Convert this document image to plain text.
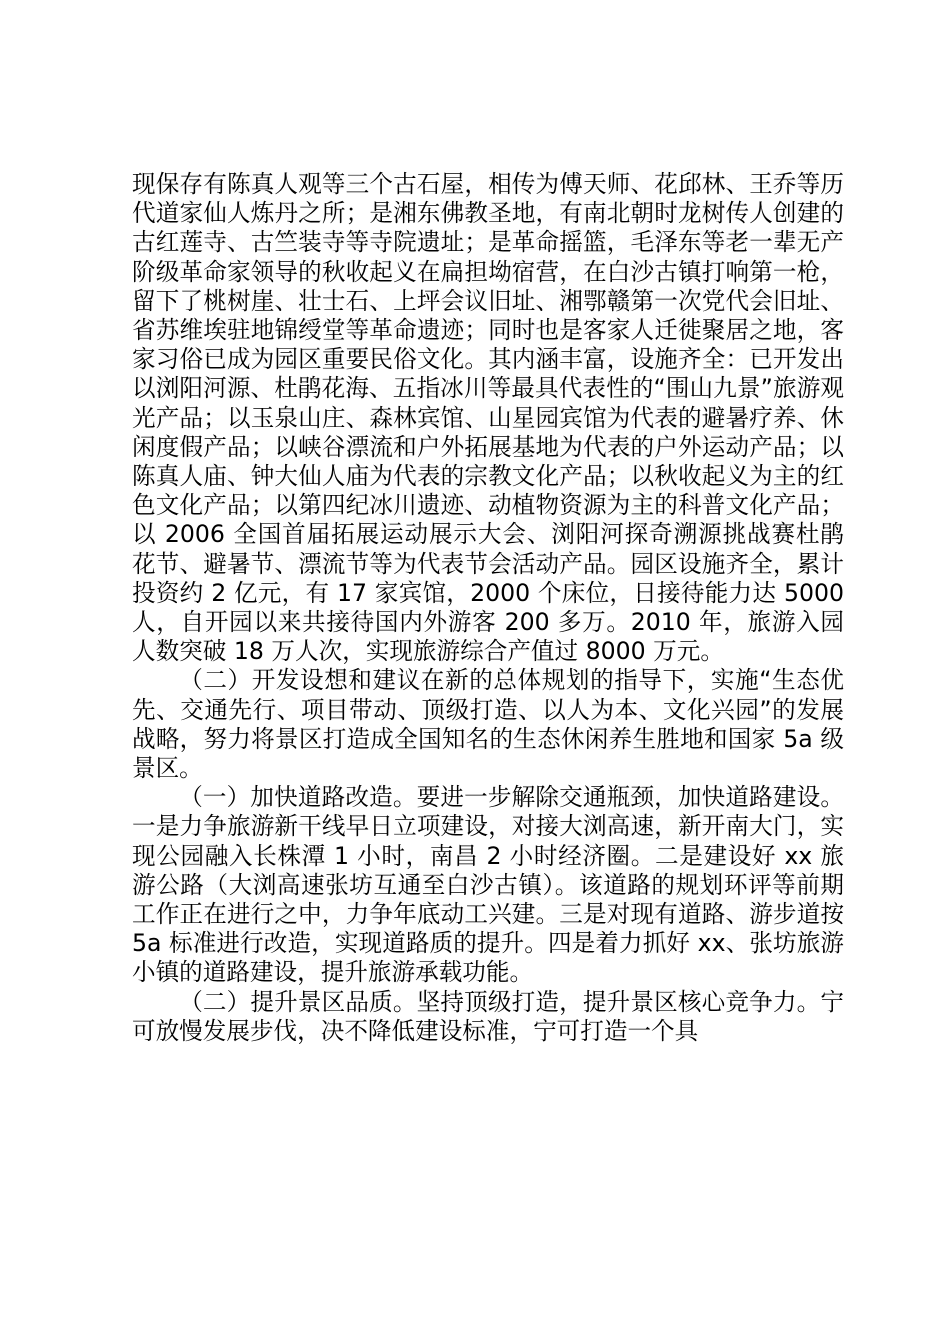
现保存有陈真人观等三个古石屋，相传为傅天师、花邱林、王乔等历代道家仙人炼丹之所；是湘东佛教圣地，有南北朝时龙树传人创建的古红莲寺、古竺装寺等寺院遗址；是革命摇篮，毛泽东等老一辈无产阶级革命家领导的秋收起义在扁担坳宿营，在白沙古镇打响第一枪，留下了桃树崖、壮士石、上坪会议旧址、湘鄂赣第一次党代会旧址、省苏维埃驻地锦绶堂等革命遗迹；同时也是客家人迁徙聚居之地，客家习俗已成为园区重要民俗文化。其内涵丰富，设施齐全：已开发出以浏阳河源、杜鹃花海、五指冰川等最具代表性的“围山九景”旅游观光产品；以玉泉山庄、森林宾馆、山星园宾馆为代表的避暑疗养、休闲度假产品；以峡谷漂流和户外拓展基地为代表的户外运动产品；以陈真人庙、钟大仙人庙为代表的宗教文化产品；以秋收起义为主的红色文化产品；以第四纪冰川遗迹、动植物资源为主的科普文化产品；以 2006 全国首届拓展运动展示大会、浏阳河探奇溯源挑战赛杜鹃花节、避暑节、漂流节等为代表节会活动产品。园区设施齐全，累计投资约 2 亿元，有 17 家宾馆，2000 个床位，日接待能力达 5000 人，自开园以来共接待国内外游客 200 多万。2010 年，旅游入园人数突破 18 万人次，实现旅游综合产值过 8000 万元。

（二）开发设想和建议在新的总体规划的指导下，实施“生态优先、交通先行、项目带动、顶级打造、以人为本、文化兴园”的发展战略，努力将景区打造成全国知名的生态休闲养生胜地和国家 5a 级景区。

（一）加快道路改造。要进一步解除交通瓶颈，加快道路建设。一是力争旅游新干线早日立项建设，对接大浏高速，新开南大门，实现公园融入长株潭 1 小时，南昌 2 小时经济圈。二是建设好 xx 旅游公路（大浏高速张坊互通至白沙古镇）。该道路的规划环评等前期工作正在进行之中，力争年底动工兴建。三是对现有道路、游步道按 5a 标准进行改造，实现道路质的提升。四是着力抓好 xx、张坊旅游小镇的道路建设，提升旅游承载功能。

（二）提升景区品质。坚持顶级打造，提升景区核心竞争力。宁可放慢发展步伐，决不降低建设标准，宁可打造一个具
